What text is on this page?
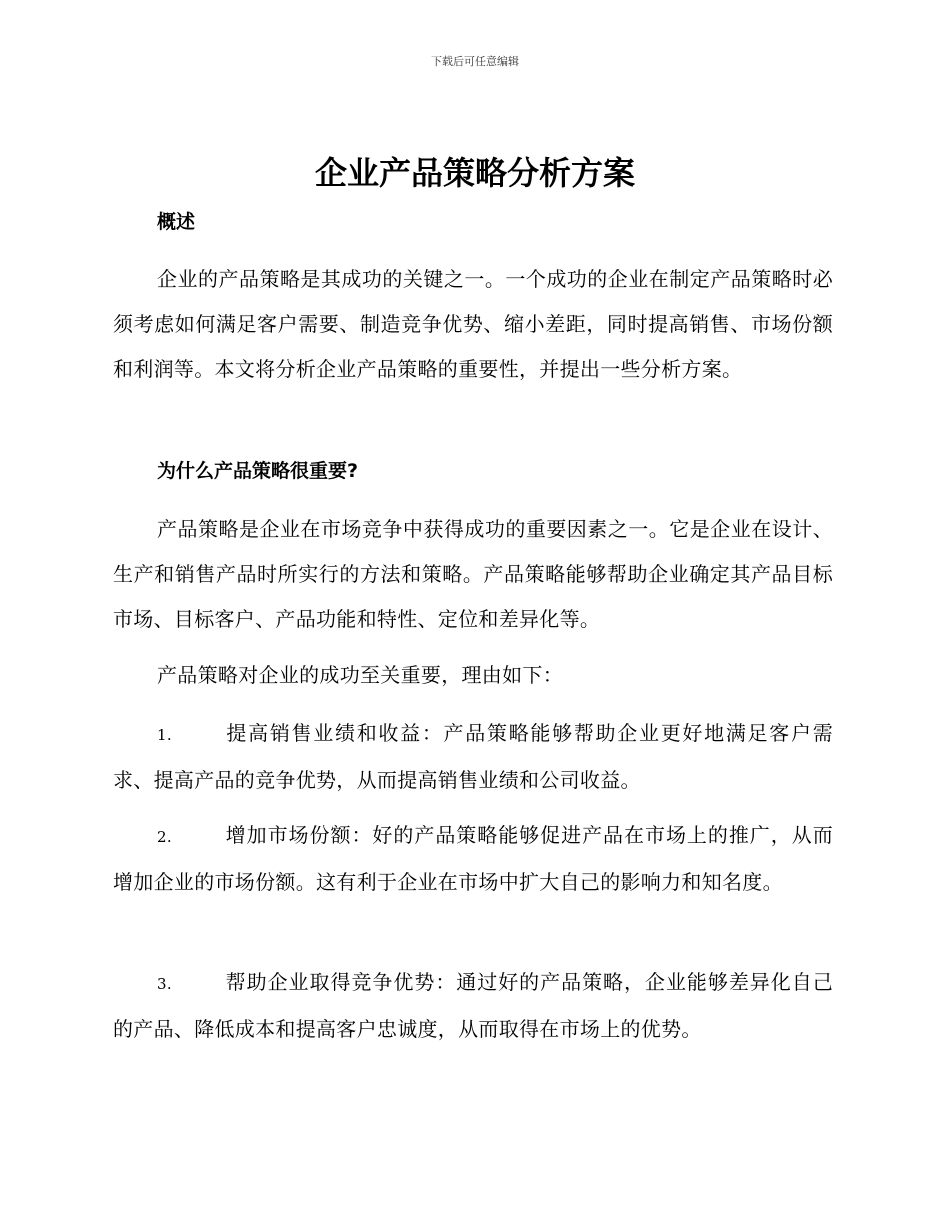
下载后可任意编辑
企业产品策略分析方案
概述

企业的产品策略是其成功的关键之一。一个成功的企业在制定产品策略时必须考虑如何满足客户需要、制造竞争优势、缩小差距，同时提高销售、市场份额和利润等。本文将分析企业产品策略的重要性，并提出一些分析方案。

为什么产品策略很重要?

产品策略是企业在市场竞争中获得成功的重要因素之一。它是企业在设计、生产和销售产品时所实行的方法和策略。产品策略能够帮助企业确定其产品目标市场、目标客户、产品功能和特性、定位和差异化等。

产品策略对企业的成功至关重要，理由如下：

1.	提高销售业绩和收益：产品策略能够帮助企业更好地满足客户需求、提高产品的竞争优势，从而提高销售业绩和公司收益。

2.	增加市场份额：好的产品策略能够促进产品在市场上的推广，从而增加企业的市场份额。这有利于企业在市场中扩大自己的影响力和知名度。

3.	帮助企业取得竞争优势：通过好的产品策略，企业能够差异化自己的产品、降低成本和提高客户忠诚度，从而取得在市场上的优势。
